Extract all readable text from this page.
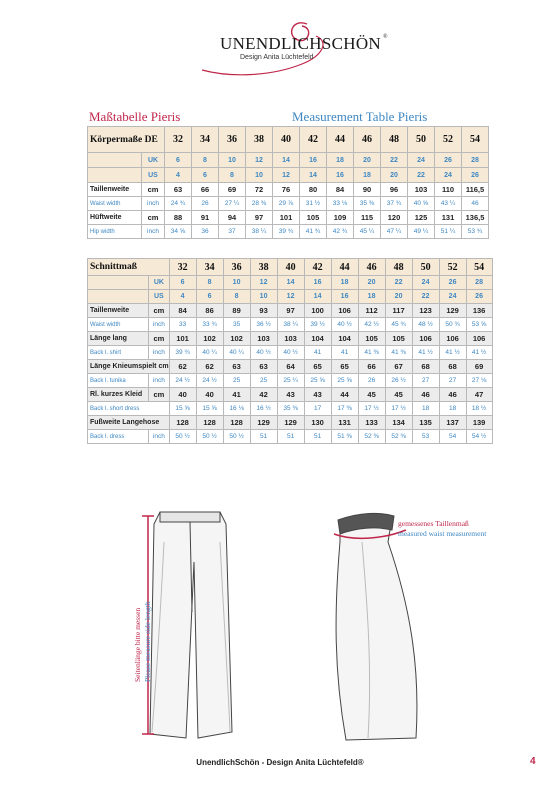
UNENDLICHSCHÖN ®
Design Anita Lüchtefeld
Maßtabelle Pieris	Measurement Table Pieris
Körpermaße DE		32	34	36	38	40	42	44	46	48	50	52	54
	UK	6	8	10	12	14	16	18	20	22	24	26	28
	US	4	6	8	10	12	14	16	18	20	22	24	26
Taillenweite	cm	63	66	69	72	76	80	84	90	96	103	110	116,5
Waist width	inch	24 ¾	26	27 ¼	28 ⅜	29 ⅞	31 ½	33 ⅛	35 ⅜	37 ¾	40 ⅝	43 ¼	46
Hüftweite	cm	88	91	94	97	101	105	109	115	120	125	131	136,5
Hip width	inch	34 ⅝	36	37	38 ¼	39 ¾	41 ¾	42 ¾	45 ¼	47 ¼	49 ¼	51 ¼	53 ¾
Schnittmaß		32	34	36	38	40	42	44	46	48	50	52	54
	UK	6	8	10	12	14	16	18	20	22	24	26	28
	US	4	6	8	10	12	14	16	18	20	22	24	26
Taillenweite	cm	84	86	89	93	97	100	106	112	117	123	129	136
Waist width	inch	33	33 ¾	35	36 ½	38 ¼	39 ½	40 ½	42 ½	45 ¾	48 ½	50 ¾	53 ⅝
Länge lang	cm	101	102	102	103	103	104	104	105	105	106	106	106
Back l. shirt	inch	39 ¾	40 ¼	40 ¼	40 ½	40 ½	41	41	41 ⅜	41 ⅜	41 ½	41 ½	41 ½
Länge Knieumspielt cm		62	62	63	63	64	65	65	66	67	68	68	69
Back l. tunika	inch	24 ½	24 ½	25	25	25 ¼	25 ⅝	25 ⅝	26	26 ½	27	27	27 ⅛
Rl. kurzes Kleid	cm	40	40	41	42	43	43	44	45	45	46	46	47
Back l. short dress		15 ⅝	15 ⅝	16 ⅛	16 ½	35 ⅜	17	17 ⅜	17 ½	17 ½	18	18	18 ½
Fußweite Langehose		128	128	128	129	129	130	131	133	134	135	137	139
Back l. dress	inch	50 ½	50 ½	50 ½	51	51	51	51 ⅜	52 ⅜	52 ⅜	53	54	54 ½
Seitenlänge bitte messen Please measure side length
gemessenes Taillenmaß
measured waist measurement
UnendlichSchön - Design Anita Lüchtefeld®	4
